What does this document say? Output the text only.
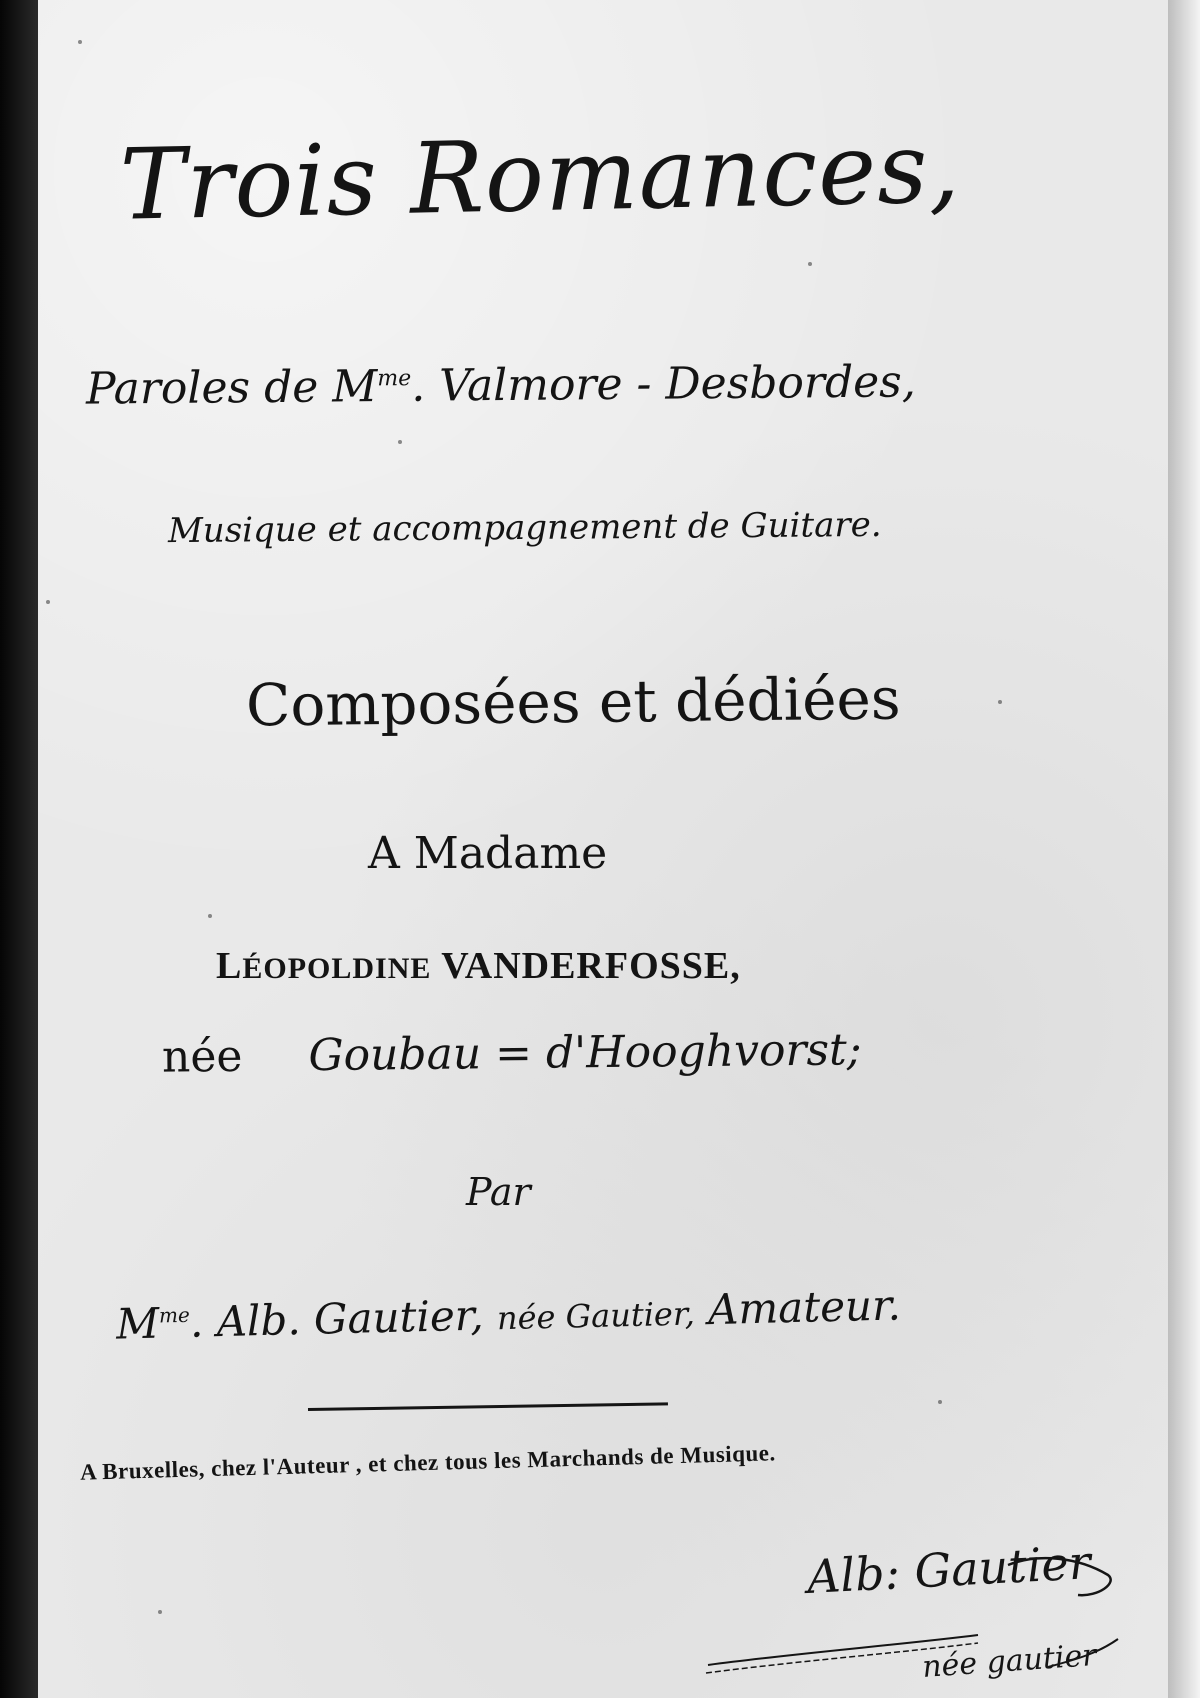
Trois Romances,
Paroles de $M^{me}$. Valmore - Desbordes,
Musique et accompagnement de Guitare.
Composées et dédiées
A Madame
LÉOPOLDINE VANDERFOSSE,
née Goubau = d'Hooghvorst;
Par
$M^{me}$. Alb. Gautier, née Gautier, Amateur.
A Bruxelles, chez l'Auteur , et chez tous les Marchands de Musique.
Alb: Gautier
née gautier
